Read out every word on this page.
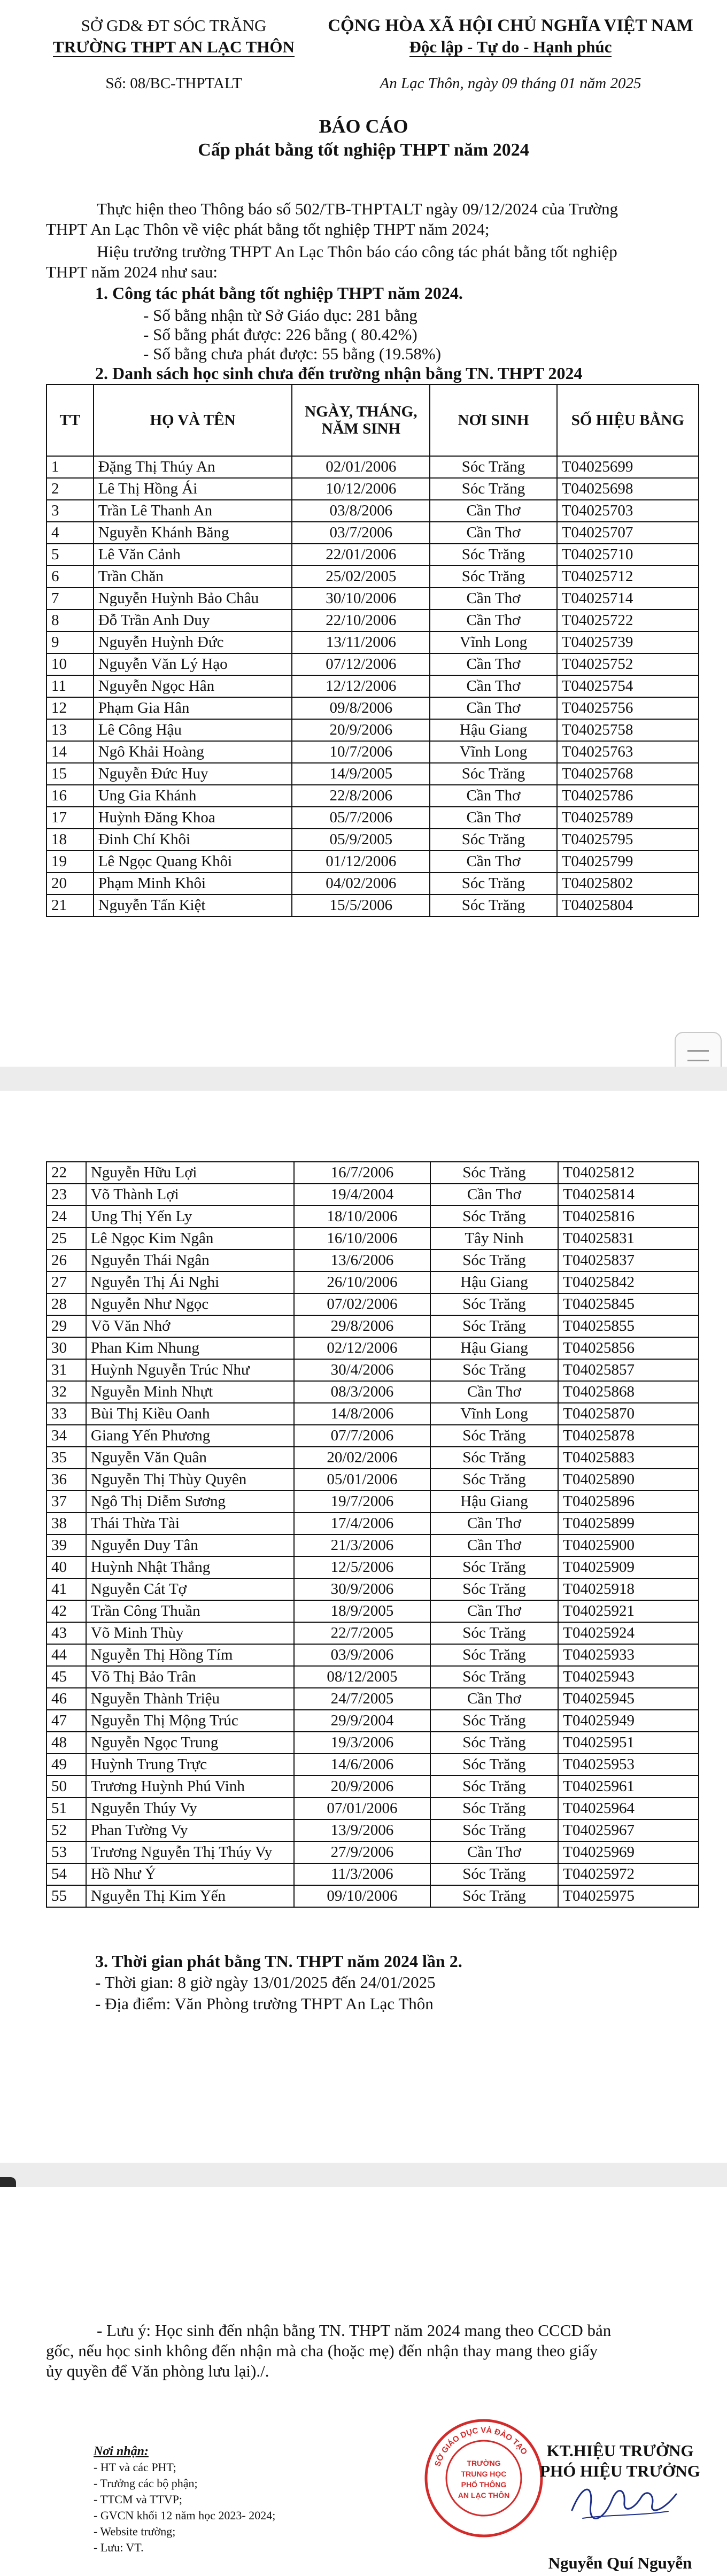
SỞ GD& ĐT SÓC TRĂNG
TRƯỜNG THPT AN LẠC THÔN
CỘNG HÒA XÃ HỘI CHỦ NGHĨA VIỆT NAM
Độc lập - Tự do - Hạnh phúc
Số: 08/BC-THPTALT	An Lạc Thôn, ngày 09 tháng 01 năm 2025
BÁO CÁO
Cấp phát bằng tốt nghiệp THPT năm 2024
Thực hiện theo Thông báo số 502/TB-THPTALT ngày 09/12/2024 của Trường
THPT An Lạc Thôn về việc phát bằng tốt nghiệp THPT năm 2024;
Hiệu trưởng trường THPT An Lạc Thôn báo cáo công tác phát bằng tốt nghiệp
THPT năm 2024 như sau:
1. Công tác phát bằng tốt nghiệp THPT năm 2024.
- Số bằng nhận từ Sở Giáo dục: 281 bằng
- Số bằng phát được: 226 bằng ( 80.42%)
- Số bằng chưa phát được: 55 bằng (19.58%)
2. Danh sách học sinh chưa đến trường nhận bằng TN. THPT 2024
TT	HỌ VÀ TÊN	NGÀY, THÁNG, NĂM SINH	NƠI SINH	SỐ HIỆU BẰNG
1	Đặng Thị Thúy An	02/01/2006	Sóc Trăng	T04025699
2	Lê Thị Hồng Ái	10/12/2006	Sóc Trăng	T04025698
3	Trần Lê Thanh An	03/8/2006	Cần Thơ	T04025703
4	Nguyễn Khánh Băng	03/7/2006	Cần Thơ	T04025707
5	Lê Văn Cảnh	22/01/2006	Sóc Trăng	T04025710
6	Trần Chăn	25/02/2005	Sóc Trăng	T04025712
7	Nguyễn Huỳnh Bảo Châu	30/10/2006	Cần Thơ	T04025714
8	Đỗ Trần Anh Duy	22/10/2006	Cần Thơ	T04025722
9	Nguyễn Huỳnh Đức	13/11/2006	Vĩnh Long	T04025739
10	Nguyễn Văn Lý Hạo	07/12/2006	Cần Thơ	T04025752
11	Nguyễn Ngọc Hân	12/12/2006	Cần Thơ	T04025754
12	Phạm Gia Hân	09/8/2006	Cần Thơ	T04025756
13	Lê Công Hậu	20/9/2006	Hậu Giang	T04025758
14	Ngô Khải Hoàng	10/7/2006	Vĩnh Long	T04025763
15	Nguyễn Đức Huy	14/9/2005	Sóc Trăng	T04025768
16	Ung Gia Khánh	22/8/2006	Cần Thơ	T04025786
17	Huỳnh Đăng Khoa	05/7/2006	Cần Thơ	T04025789
18	Đinh Chí Khôi	05/9/2005	Sóc Trăng	T04025795
19	Lê Ngọc Quang Khôi	01/12/2006	Cần Thơ	T04025799
20	Phạm Minh Khôi	04/02/2006	Sóc Trăng	T04025802
21	Nguyễn Tấn Kiệt	15/5/2006	Sóc Trăng	T04025804
22	Nguyễn Hữu Lợi	16/7/2006	Sóc Trăng	T04025812
23	Võ Thành Lợi	19/4/2004	Cần Thơ	T04025814
24	Ung Thị Yến Ly	18/10/2006	Sóc Trăng	T04025816
25	Lê Ngọc Kim Ngân	16/10/2006	Tây Ninh	T04025831
26	Nguyễn Thái Ngân	13/6/2006	Sóc Trăng	T04025837
27	Nguyễn Thị Ái Nghi	26/10/2006	Hậu Giang	T04025842
28	Nguyễn Như Ngọc	07/02/2006	Sóc Trăng	T04025845
29	Võ Văn Nhớ	29/8/2006	Sóc Trăng	T04025855
30	Phan Kim Nhung	02/12/2006	Hậu Giang	T04025856
31	Huỳnh Nguyễn Trúc Như	30/4/2006	Sóc Trăng	T04025857
32	Nguyễn Minh Nhựt	08/3/2006	Cần Thơ	T04025868
33	Bùi Thị Kiều Oanh	14/8/2006	Vĩnh Long	T04025870
34	Giang Yến Phương	07/7/2006	Sóc Trăng	T04025878
35	Nguyễn Văn Quân	20/02/2006	Sóc Trăng	T04025883
36	Nguyễn Thị Thùy Quyên	05/01/2006	Sóc Trăng	T04025890
37	Ngô Thị Diễm Sương	19/7/2006	Hậu Giang	T04025896
38	Thái Thừa Tài	17/4/2006	Cần Thơ	T04025899
39	Nguyễn Duy Tân	21/3/2006	Cần Thơ	T04025900
40	Huỳnh Nhật Thắng	12/5/2006	Sóc Trăng	T04025909
41	Nguyễn Cát Tợ	30/9/2006	Sóc Trăng	T04025918
42	Trần Công Thuần	18/9/2005	Cần Thơ	T04025921
43	Võ Minh Thùy	22/7/2005	Sóc Trăng	T04025924
44	Nguyễn Thị Hồng Tím	03/9/2006	Sóc Trăng	T04025933
45	Võ Thị Bảo Trân	08/12/2005	Sóc Trăng	T04025943
46	Nguyễn Thành Triệu	24/7/2005	Cần Thơ	T04025945
47	Nguyễn Thị Mộng Trúc	29/9/2004	Sóc Trăng	T04025949
48	Nguyễn Ngọc Trung	19/3/2006	Sóc Trăng	T04025951
49	Huỳnh Trung Trực	14/6/2006	Sóc Trăng	T04025953
50	Trương Huỳnh Phú Vinh	20/9/2006	Sóc Trăng	T04025961
51	Nguyễn Thúy Vy	07/01/2006	Sóc Trăng	T04025964
52	Phan Tường Vy	13/9/2006	Sóc Trăng	T04025967
53	Trương Nguyễn Thị Thúy Vy	27/9/2006	Cần Thơ	T04025969
54	Hồ Như Ý	11/3/2006	Sóc Trăng	T04025972
55	Nguyễn Thị Kim Yến	09/10/2006	Sóc Trăng	T04025975
3. Thời gian phát bằng TN. THPT năm 2024 lần 2.
- Thời gian: 8 giờ ngày 13/01/2025 đến 24/01/2025
- Địa điểm: Văn Phòng trường THPT An Lạc Thôn
- Lưu ý: Học sinh đến nhận bằng TN. THPT năm 2024 mang theo CCCD bản
gốc, nếu học sinh không đến nhận mà cha (hoặc mẹ) đến nhận thay mang theo giấy
ủy quyền để Văn phòng lưu lại)./.
Nơi nhận:
- HT và các PHT;
- Trưởng các bộ phận;
- TTCM và TTVP;
- GVCN khối 12 năm học 2023- 2024;
- Website trường;
- Lưu: VT.
SỞ GIÁO DỤC VÀ ĐÀO TẠO
TRƯỜNG
TRUNG HỌC
PHỔ THÔNG
AN LẠC THÔN
KT.HIỆU TRƯỞNG
PHÓ HIỆU TRƯỞNG
Nguyễn Quí Nguyễn
